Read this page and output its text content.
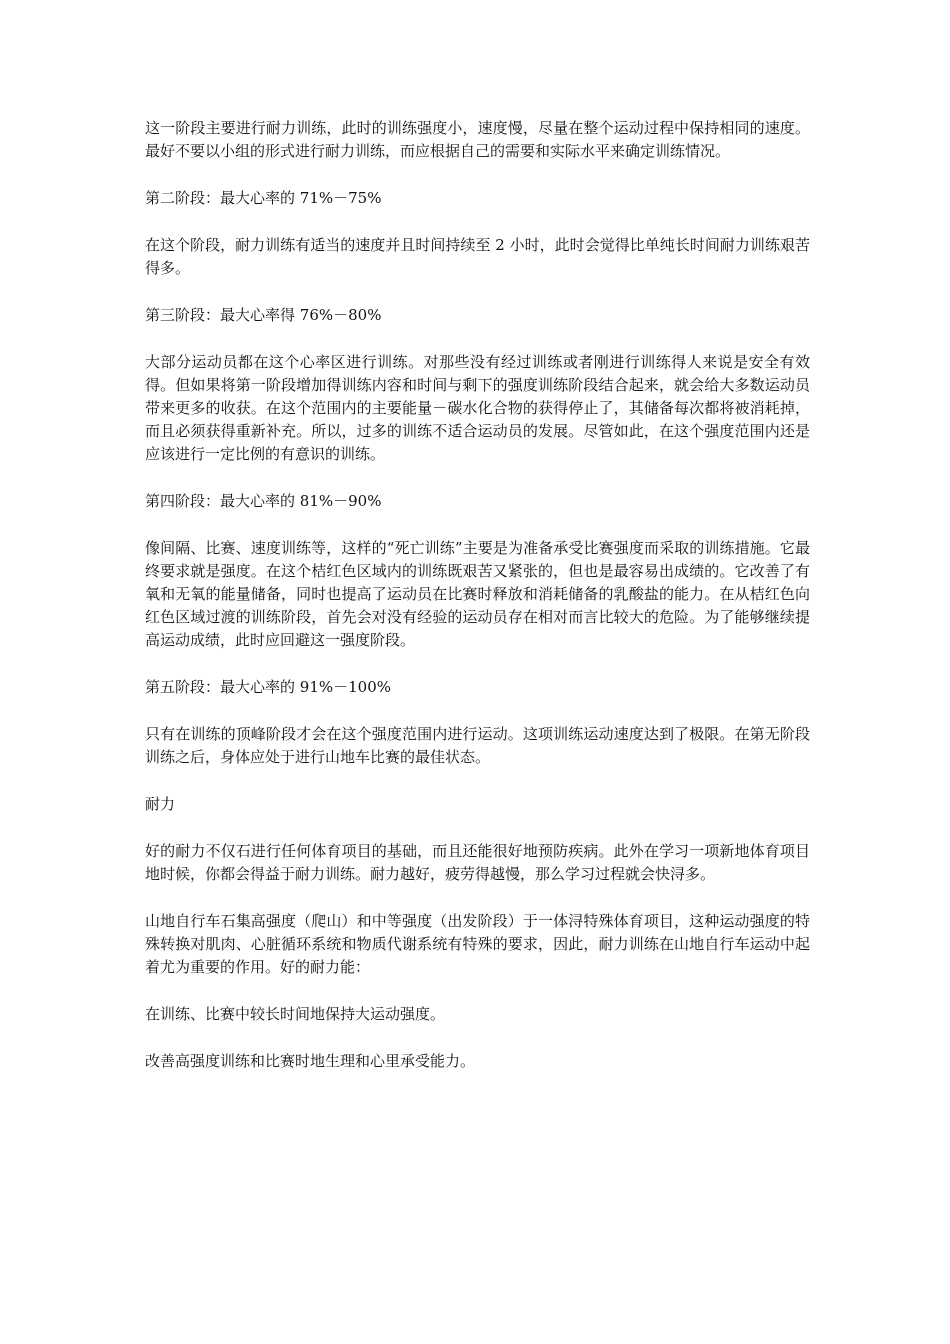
这一阶段主要进行耐力训练，此时的训练强度小，速度慢，尽量在整个运动过程中保持相同的速度。最好不要以小组的形式进行耐力训练，而应根据自己的需要和实际水平来确定训练情况。

第二阶段：最大心率的 71%－75%

在这个阶段，耐力训练有适当的速度并且时间持续至 2 小时，此时会觉得比单纯长时间耐力训练艰苦得多。

第三阶段：最大心率得 76%－80%

大部分运动员都在这个心率区进行训练。对那些没有经过训练或者刚进行训练得人来说是安全有效得。但如果将第一阶段增加得训练内容和时间与剩下的强度训练阶段结合起来，就会给大多数运动员带来更多的收获。在这个范围内的主要能量－碳水化合物的获得停止了，其储备每次都将被消耗掉，而且必须获得重新补充。所以，过多的训练不适合运动员的发展。尽管如此，在这个强度范围内还是应该进行一定比例的有意识的训练。

第四阶段：最大心率的 81%－90%

像间隔、比赛、速度训练等，这样的“死亡训练”主要是为准备承受比赛强度而采取的训练措施。它最终要求就是强度。在这个桔红色区域内的训练既艰苦又紧张的，但也是最容易出成绩的。它改善了有氧和无氧的能量储备，同时也提高了运动员在比赛时释放和消耗储备的乳酸盐的能力。在从桔红色向红色区域过渡的训练阶段，首先会对没有经验的运动员存在相对而言比较大的危险。为了能够继续提高运动成绩，此时应回避这一强度阶段。

第五阶段：最大心率的 91%－100%

只有在训练的顶峰阶段才会在这个强度范围内进行运动。这项训练运动速度达到了极限。在第无阶段训练之后，身体应处于进行山地车比赛的最佳状态。

耐力

好的耐力不仅石进行任何体育项目的基础，而且还能很好地预防疾病。此外在学习一项新地体育项目地时候，你都会得益于耐力训练。耐力越好，疲劳得越慢，那么学习过程就会快浔多。

山地自行车石集高强度（爬山）和中等强度（出发阶段）于一体浔特殊体育项目，这种运动强度的特殊转换对肌肉、心脏循环系统和物质代谢系统有特殊的要求，因此，耐力训练在山地自行车运动中起着尤为重要的作用。好的耐力能：

在训练、比赛中较长时间地保持大运动强度。

改善高强度训练和比赛时地生理和心里承受能力。
